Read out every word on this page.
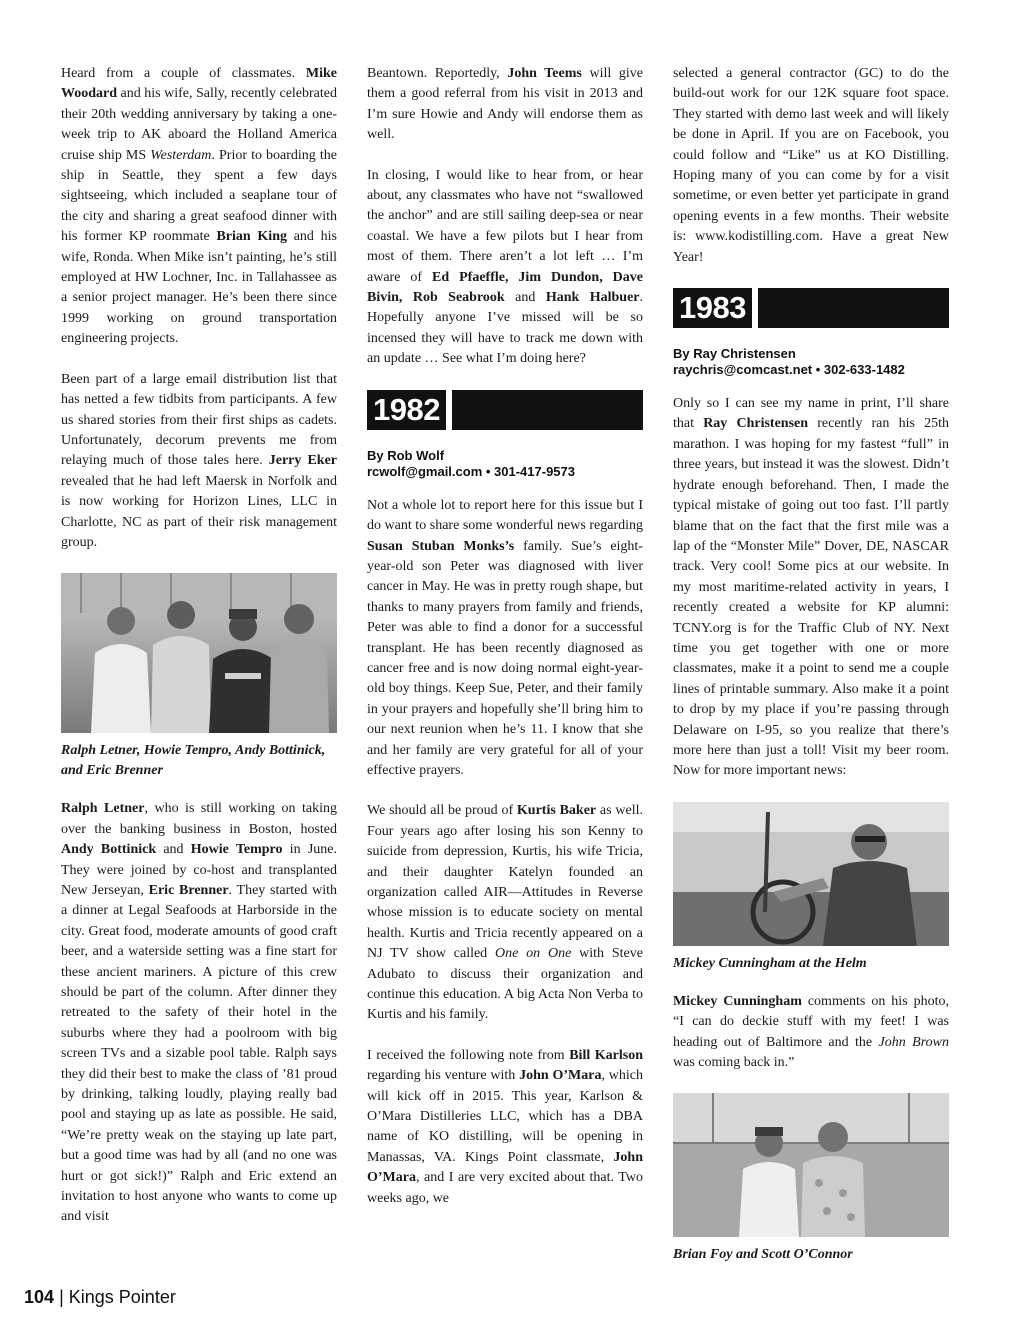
Heard from a couple of classmates. Mike Woodard and his wife, Sally, recently celebrated their 20th wedding anniversary by taking a one-week trip to AK aboard the Holland America cruise ship MS Westerdam. Prior to boarding the ship in Seattle, they spent a few days sightseeing, which included a seaplane tour of the city and sharing a great seafood dinner with his former KP roommate Brian King and his wife, Ronda. When Mike isn’t painting, he’s still employed at HW Lochner, Inc. in Tallahassee as a senior project manager. He’s been there since 1999 working on ground transportation engineering projects.

Been part of a large email distribution list that has netted a few tidbits from participants. A few us shared stories from their first ships as cadets. Unfortunately, decorum prevents me from relaying much of those tales here. Jerry Eker revealed that he had left Maersk in Norfolk and is now working for Horizon Lines, LLC in Charlotte, NC as part of their risk management group.

Ralph Letner, Howie Tempro, Andy Bottinick, and Eric Brenner

Ralph Letner, who is still working on taking over the banking business in Boston, hosted Andy Bottinick and Howie Tempro in June. They were joined by co-host and transplanted New Jerseyan, Eric Brenner. They started with a dinner at Legal Seafoods at Harborside in the city. Great food, moderate amounts of good craft beer, and a waterside setting was a fine start for these ancient mariners. A picture of this crew should be part of the column. After dinner they retreated to the safety of their hotel in the suburbs where they had a poolroom with big screen TVs and a sizable pool table. Ralph says they did their best to make the class of ’81 proud by drinking, talking loudly, playing really bad pool and staying up as late as possible. He said, “We’re pretty weak on the staying up late part, but a good time was had by all (and no one was hurt or got sick!)” Ralph and Eric extend an invitation to host anyone who wants to come up and visit

Beantown. Reportedly, John Teems will give them a good referral from his visit in 2013 and I’m sure Howie and Andy will endorse them as well.

In closing, I would like to hear from, or hear about, any classmates who have not “swallowed the anchor” and are still sailing deep-sea or near coastal. We have a few pilots but I hear from most of them. There aren’t a lot left … I’m aware of Ed Pfaeffle, Jim Dundon, Dave Bivin, Rob Seabrook and Hank Halbuer. Hopefully anyone I’ve missed will be so incensed they will have to track me down with an update … See what I’m doing here?

1982
By Rob Wolf
rcwolf@gmail.com • 301-417-9573

Not a whole lot to report here for this issue but I do want to share some wonderful news regarding Susan Stuban Monks’s family. Sue’s eight-year-old son Peter was diagnosed with liver cancer in May. He was in pretty rough shape, but thanks to many prayers from family and friends, Peter was able to find a donor for a successful transplant. He has been recently diagnosed as cancer free and is now doing normal eight-year-old boy things. Keep Sue, Peter, and their family in your prayers and hopefully she’ll bring him to our next reunion when he’s 11. I know that she and her family are very grateful for all of your effective prayers.

We should all be proud of Kurtis Baker as well. Four years ago after losing his son Kenny to suicide from depression, Kurtis, his wife Tricia, and their daughter Katelyn founded an organization called AIR—Attitudes in Reverse whose mission is to educate society on mental health. Kurtis and Tricia recently appeared on a NJ TV show called One on One with Steve Adubato to discuss their organization and continue this education. A big Acta Non Verba to Kurtis and his family.

I received the following note from Bill Karlson regarding his venture with John O’Mara, which will kick off in 2015. This year, Karlson & O’Mara Distilleries LLC, which has a DBA name of KO distilling, will be opening in Manassas, VA. Kings Point classmate, John O’Mara, and I are very excited about that. Two weeks ago, we

selected a general contractor (GC) to do the build-out work for our 12K square foot space. They started with demo last week and will likely be done in April. If you are on Facebook, you could follow and “Like” us at KO Distilling. Hoping many of you can come by for a visit sometime, or even better yet participate in grand opening events in a few months. Their website is: www.kodistilling.com. Have a great New Year!

1983
By Ray Christensen
raychris@comcast.net • 302-633-1482

Only so I can see my name in print, I’ll share that Ray Christensen recently ran his 25th marathon. I was hoping for my fastest “full” in three years, but instead it was the slowest. Didn’t hydrate enough beforehand. Then, I made the typical mistake of going out too fast. I’ll partly blame that on the fact that the first mile was a lap of the “Monster Mile” Dover, DE, NASCAR track. Very cool! Some pics at our website. In my most maritime-related activity in years, I recently created a website for KP alumni: TCNY.org is for the Traffic Club of NY. Next time you get together with one or more classmates, make it a point to send me a couple lines of printable summary. Also make it a point to drop by my place if you’re passing through Delaware on I-95, so you realize that there’s more here than just a toll! Visit my beer room. Now for more important news:

Mickey Cunningham at the Helm

Mickey Cunningham comments on his photo, “I can do deckie stuff with my feet! I was heading out of Baltimore and the John Brown was coming back in.”

Brian Foy and Scott O’Connor
104 | Kings Pointer
